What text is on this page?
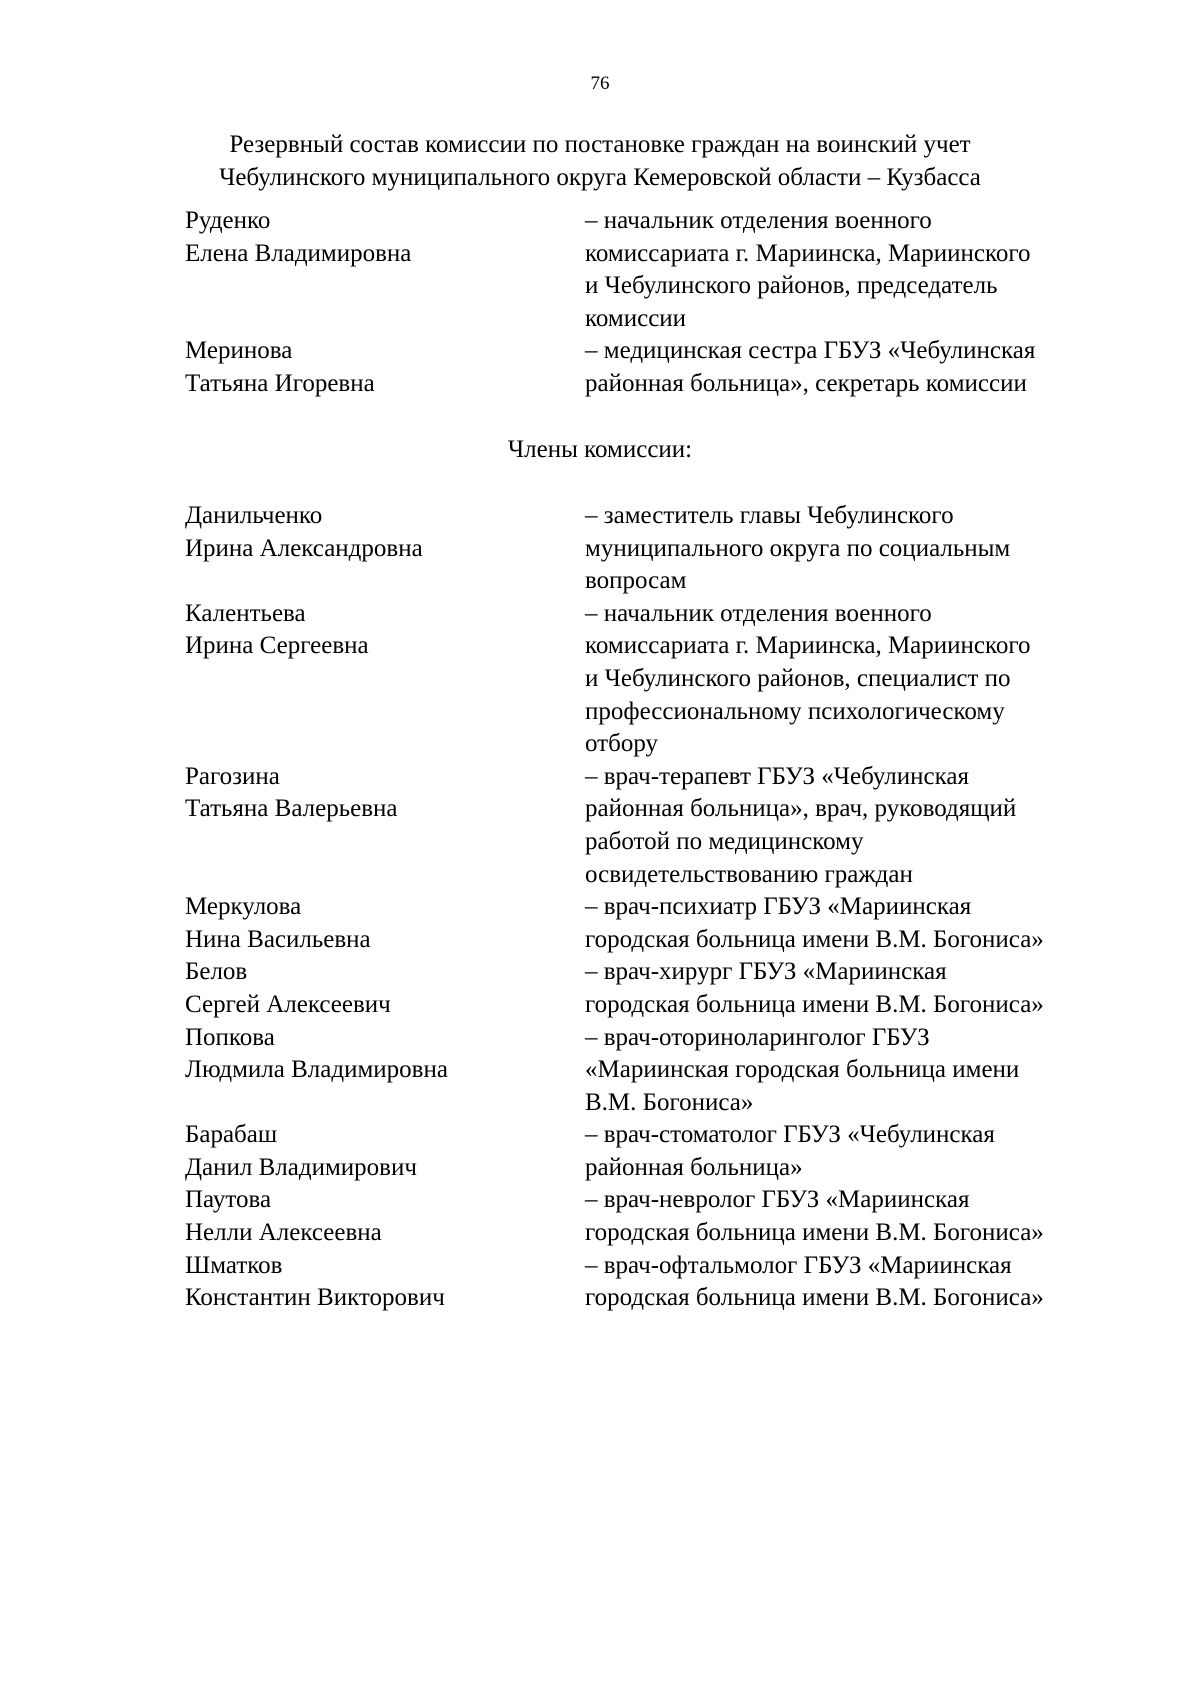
76
Резервный состав комиссии по постановке граждан на воинский учет
Чебулинского муниципального округа Кемеровской области – Кузбасса
Руденко
Елена Владимировна
– начальник отделения военного
комиссариата г. Мариинска, Мариинского
и Чебулинского районов, председатель
комиссии
Меринова
Татьяна Игоревна
– медицинская сестра ГБУЗ «Чебулинская
районная больница», секретарь комиссии
Члены комиссии:
Данильченко
Ирина Александровна
– заместитель главы Чебулинского
муниципального округа по социальным
вопросам
Калентьева
Ирина Сергеевна
– начальник отделения военного
комиссариата г. Мариинска, Мариинского
и Чебулинского районов, специалист по
профессиональному психологическому
отбору
Рагозина
Татьяна Валерьевна
– врач-терапевт ГБУЗ «Чебулинская
районная больница», врач, руководящий
работой по медицинскому
освидетельствованию граждан
Меркулова
Нина Васильевна
– врач-психиатр ГБУЗ «Мариинская
городская больница имени В.М. Богониса»
Белов
Сергей Алексеевич
– врач-хирург ГБУЗ «Мариинская
городская больница имени В.М. Богониса»
Попкова
Людмила Владимировна
– врач-оториноларинголог ГБУЗ
«Мариинская городская больница имени
В.М. Богониса»
Барабаш
Данил Владимирович
– врач-стоматолог ГБУЗ «Чебулинская
районная больница»
Паутова
Нелли Алексеевна
– врач-невролог ГБУЗ «Мариинская
городская больница имени В.М. Богониса»
Шматков
Константин Викторович
– врач-офтальмолог ГБУЗ «Мариинская
городская больница имени В.М. Богониса»
